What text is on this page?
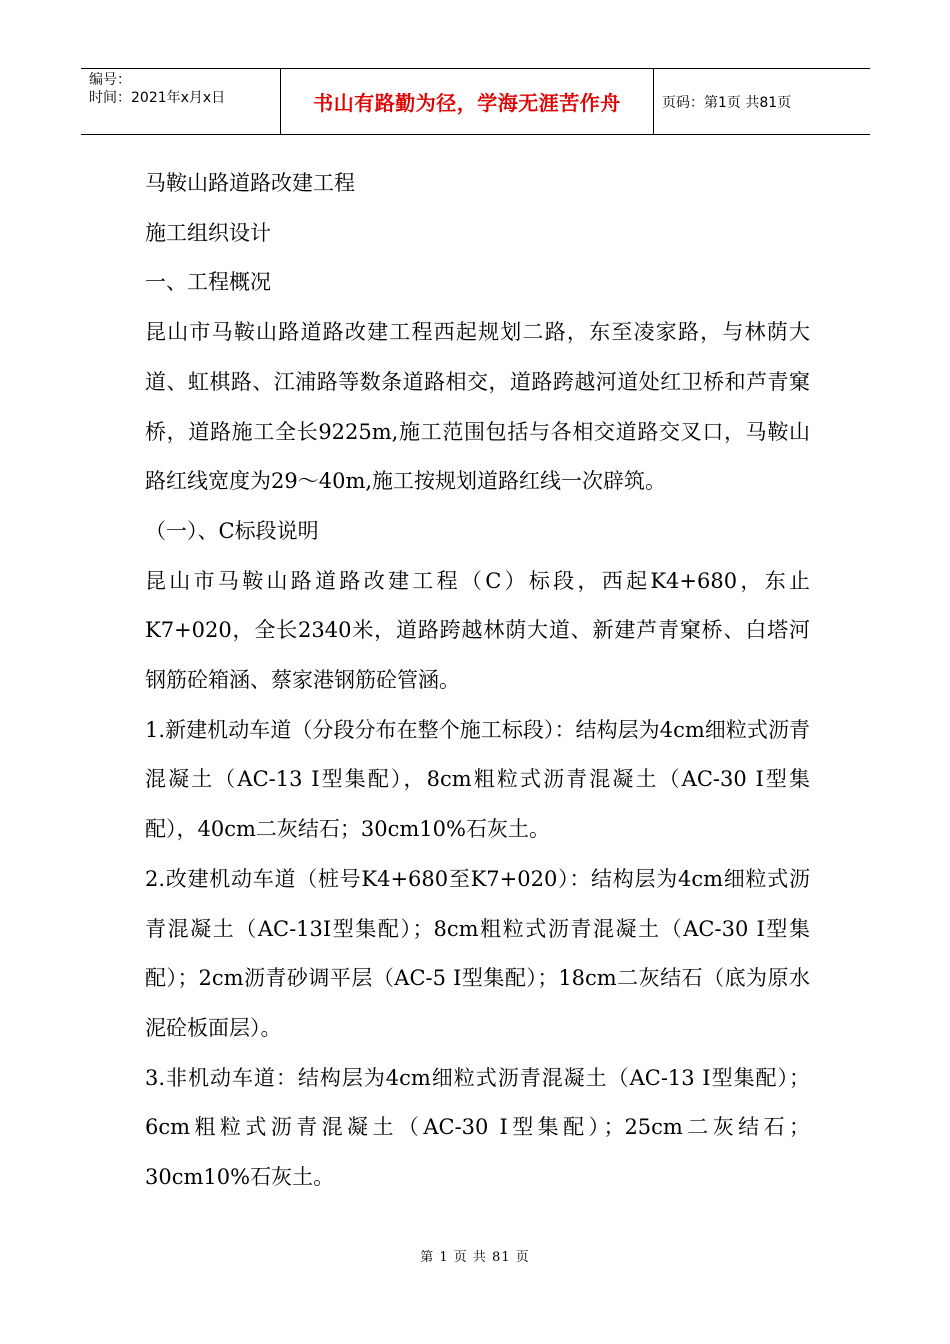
编号：
时间：2021年x月x日	书山有路勤为径，学海无涯苦作舟	页码：第1页 共81页

马鞍山路道路改建工程

施工组织设计

一、工程概况

昆山市马鞍山路道路改建工程西起规划二路，东至凌家路，与林荫大道、虹棋路、江浦路等数条道路相交，道路跨越河道处红卫桥和芦青窠桥，道路施工全长9225m,施工范围包括与各相交道路交叉口，马鞍山路红线宽度为29～40m,施工按规划道路红线一次辟筑。

（一）、C标段说明

昆山市马鞍山路道路改建工程（C）标段，西起K4+680，东止K7+020，全长2340米，道路跨越林荫大道、新建芦青窠桥、白塔河钢筋砼箱涵、蔡家港钢筋砼管涵。

1.新建机动车道（分段分布在整个施工标段）：结构层为4cm细粒式沥青混凝土（AC-13 I型集配），8cm粗粒式沥青混凝土（AC-30 I型集配），40cm二灰结石；30cm10%石灰土。

2.改建机动车道（桩号K4+680至K7+020）：结构层为4cm细粒式沥青混凝土（AC-13I型集配）；8cm粗粒式沥青混凝土（AC-30 I型集配）；2cm沥青砂调平层（AC-5 I型集配）；18cm二灰结石（底为原水泥砼板面层）。

3.非机动车道：结构层为4cm细粒式沥青混凝土（AC-13 I型集配）；6cm粗粒式沥青混凝土（AC-30 I型集配）；25cm二灰结石；30cm10%石灰土。

第 1 页 共 81 页
